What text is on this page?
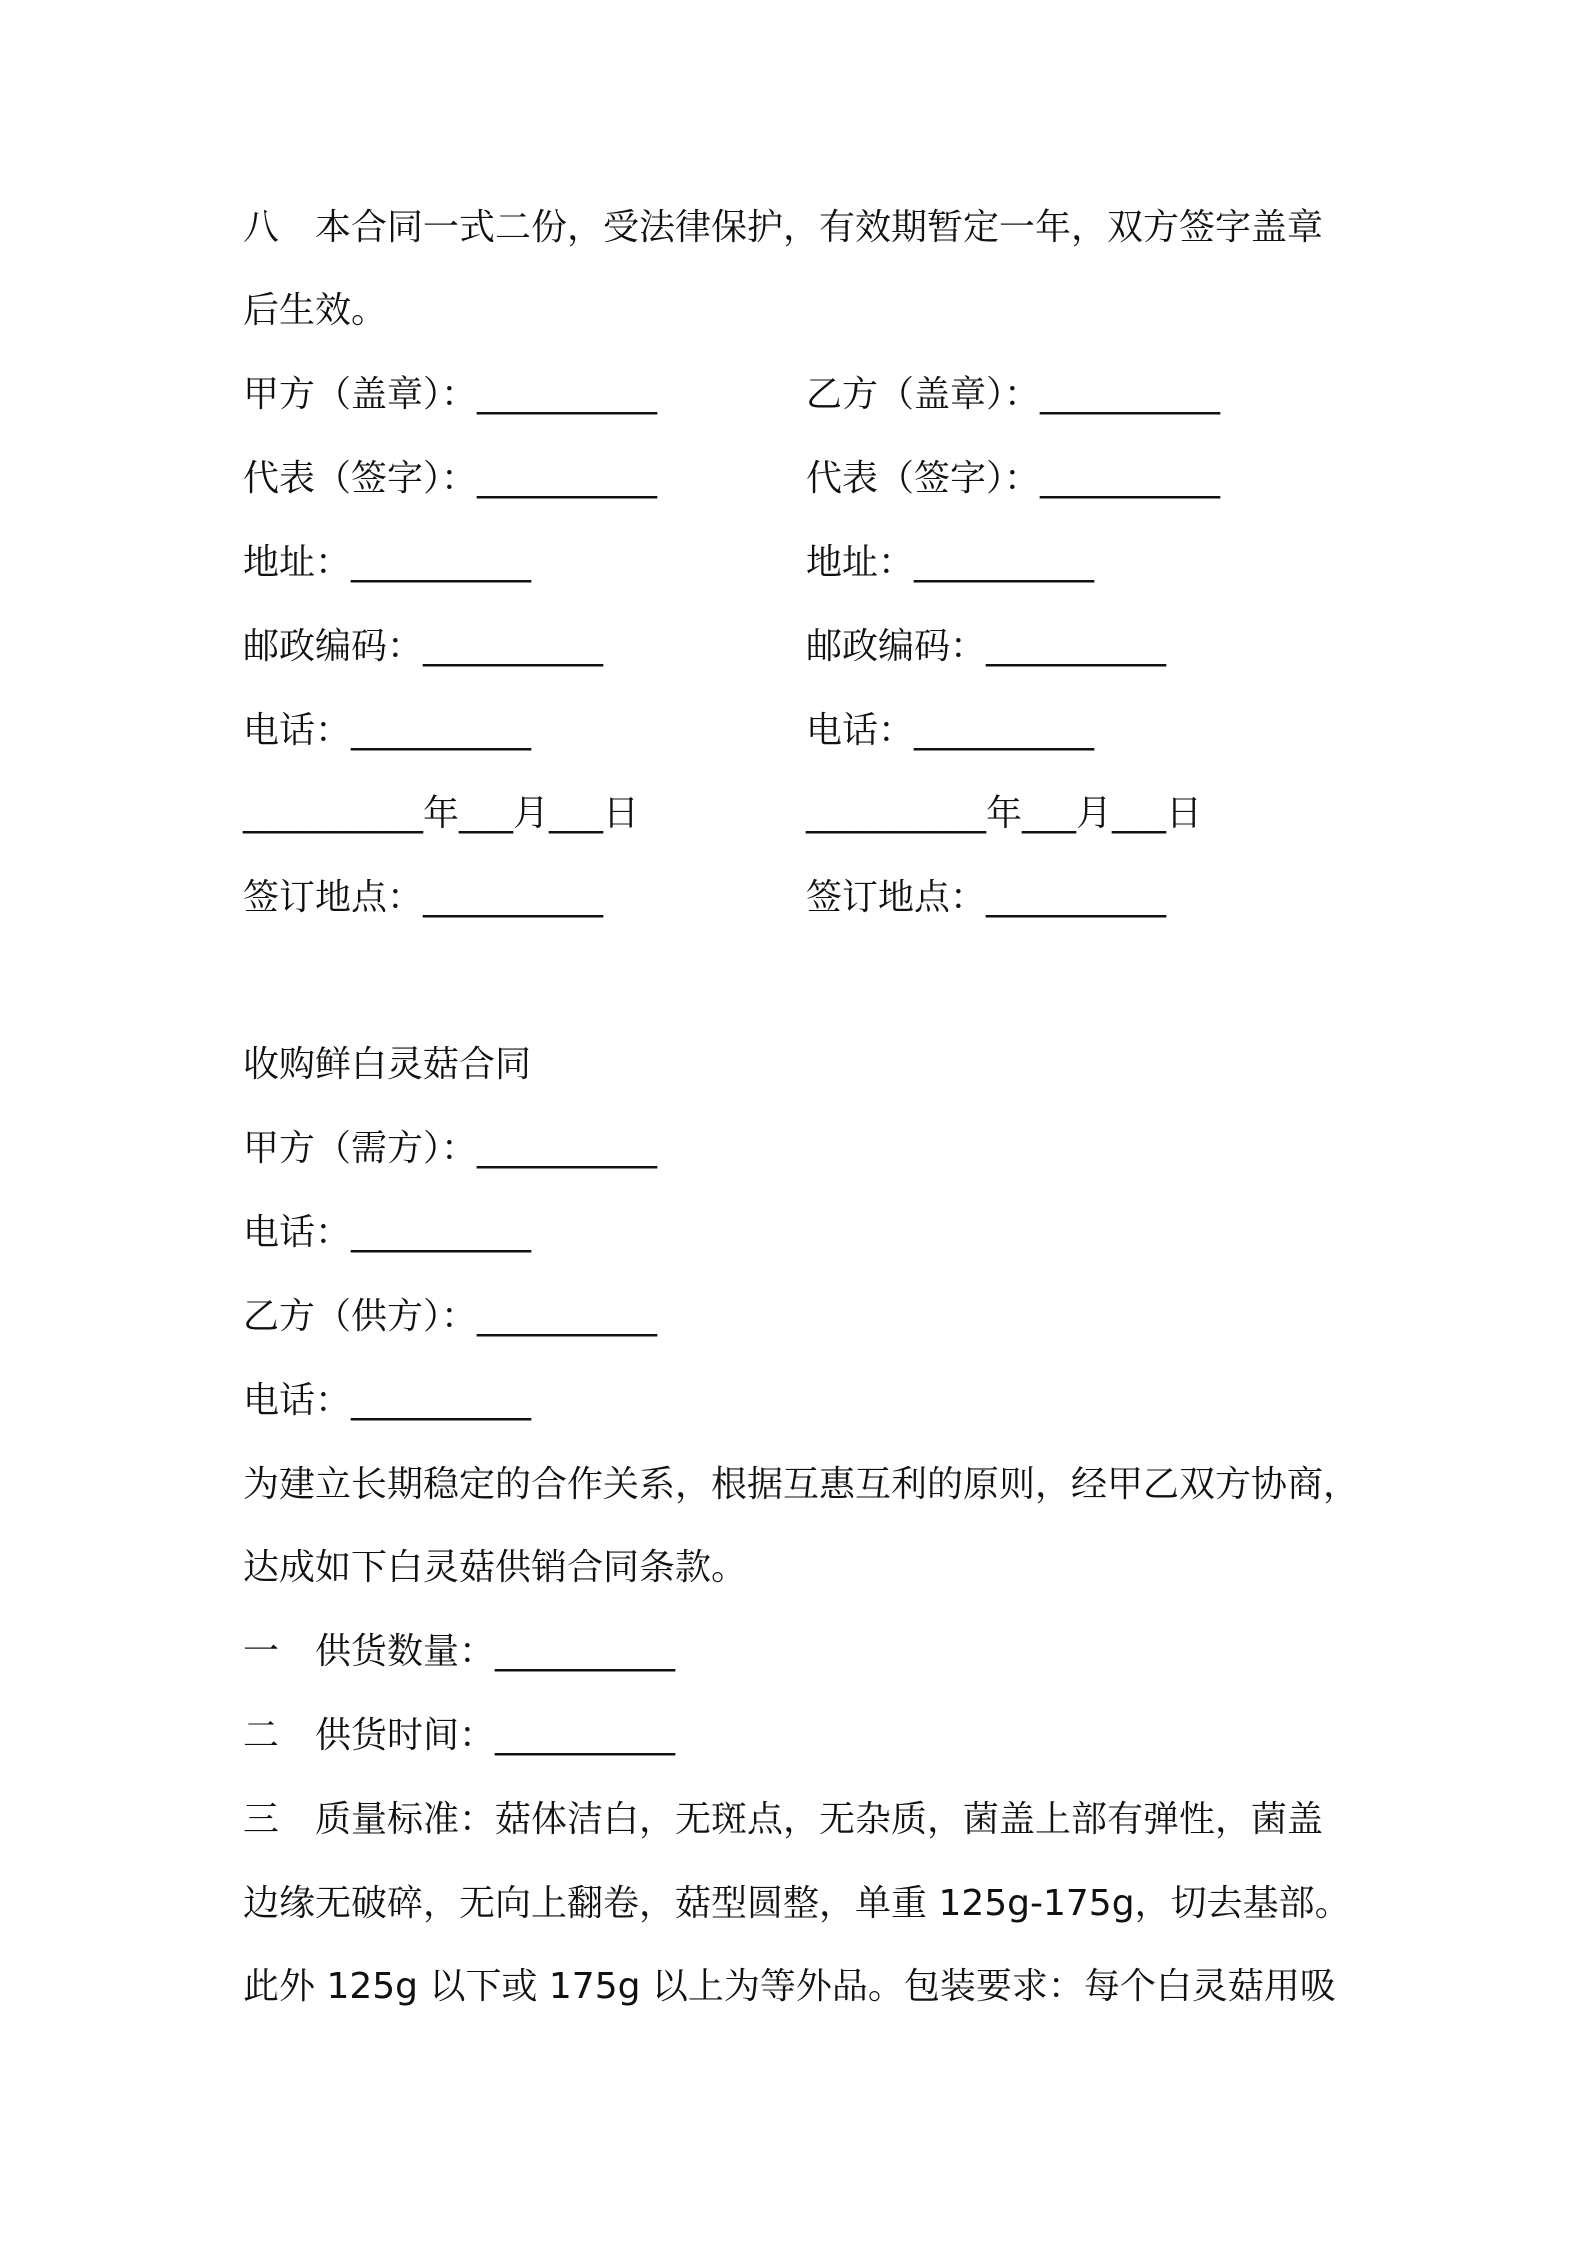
八　本合同一式二份，受法律保护，有效期暂定一年，双方签字盖章
后生效。
甲方（盖章）：__________	乙方（盖章）：__________
代表（签字）：__________	代表（签字）：__________
地址：__________	地址：__________
邮政编码：__________	邮政编码：__________
电话：__________	电话：__________
__________年___月___日	__________年___月___日
签订地点：__________	签订地点：__________
收购鲜白灵菇合同
甲方（需方）：__________
电话：__________
乙方（供方）：__________
电话：__________
为建立长期稳定的合作关系，根据互惠互利的原则，经甲乙双方协商，
达成如下白灵菇供销合同条款。
一　供货数量：__________
二　供货时间：__________
三　质量标准：菇体洁白，无斑点，无杂质，菌盖上部有弹性，菌盖
边缘无破碎，无向上翻卷，菇型圆整，单重 125g-175g，切去基部。
此外 125g 以下或 175g 以上为等外品。包装要求：每个白灵菇用吸
